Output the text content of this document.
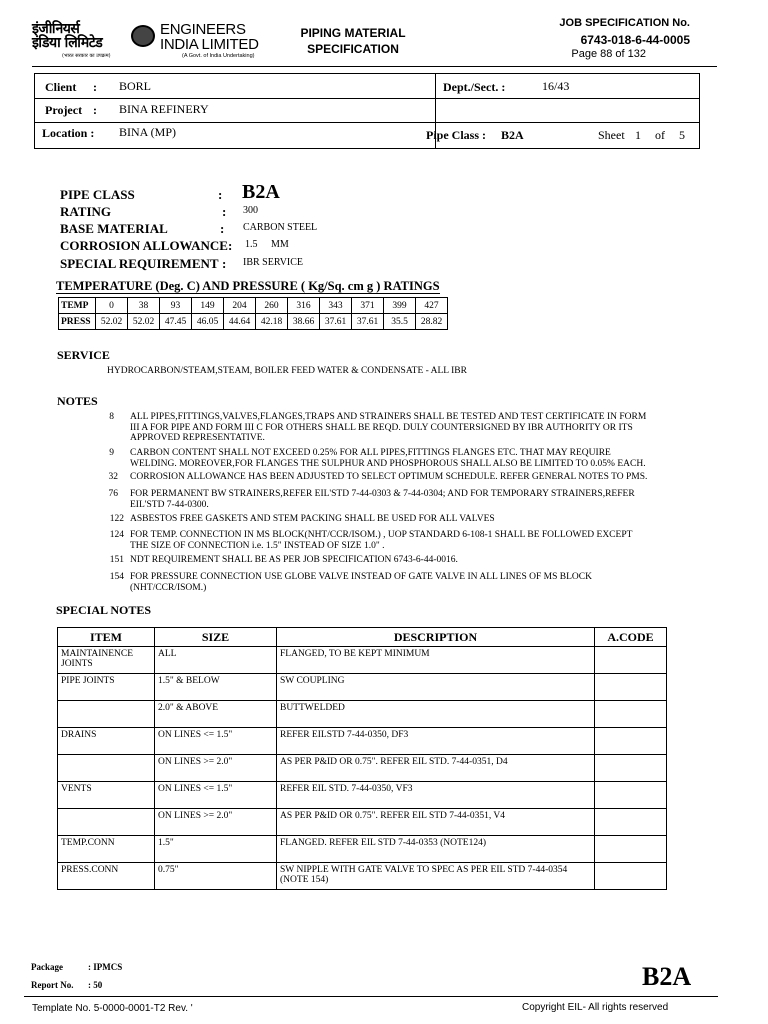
इंजीनियर्स
इंडिया लिमिटेड
ENGINEERS
INDIA LIMITED
(भारत सरकार का उपक्रम)	(A Govt. of India Undertaking)
PIPING MATERIAL
SPECIFICATION
JOB SPECIFICATION No.
6743-018-6-44-0005
Page 88 of 132
Client : BORL	Dept./Sect. :	16/43
Project : BINA REFINERY
Location : BINA (MP)	Pipe Class : B2A	Sheet 1 of 5
PIPE CLASS	: B2A
RATING	: 300
BASE MATERIAL	: CARBON STEEL
CORROSION ALLOWANCE : 1.5 MM
SPECIAL REQUIREMENT : IBR SERVICE
TEMPERATURE (Deg. C) AND PRESSURE ( Kg/Sq. cm g ) RATINGS
TEMP	0	38	93	149	204	260	316	343	371	399	427
PRESS	52.02	52.02	47.45	46.05	44.64	42.18	38.66	37.61	37.61	35.5	28.82
SERVICE
HYDROCARBON/STEAM,STEAM, BOILER FEED WATER & CONDENSATE - ALL IBR
NOTES
8 ALL PIPES,FITTINGS,VALVES,FLANGES,TRAPS AND STRAINERS SHALL BE TESTED AND TEST CERTIFICATE IN FORM
III A FOR PIPE AND FORM III C FOR OTHERS SHALL BE REQD. DULY COUNTERSIGNED BY IBR AUTHORITY OR ITS
APPROVED REPRESENTATIVE.
9 CARBON CONTENT SHALL NOT EXCEED 0.25% FOR ALL PIPES,FITTINGS FLANGES ETC. THAT MAY REQUIRE
WELDING. MOREOVER,FOR FLANGES THE SULPHUR AND PHOSPHOROUS SHALL ALSO BE LIMITED TO 0.05% EACH.
32 CORROSION ALLOWANCE HAS BEEN ADJUSTED TO SELECT OPTIMUM SCHEDULE. REFER GENERAL NOTES TO PMS.
76 FOR PERMANENT BW STRAINERS,REFER EIL'STD 7-44-0303 & 7-44-0304; AND FOR TEMPORARY STRAINERS,REFER
EIL'STD 7-44-0300.
122 ASBESTOS FREE GASKETS AND STEM PACKING SHALL BE USED FOR ALL VALVES
124 FOR TEMP. CONNECTION IN MS BLOCK(NHT/CCR/ISOM.) , UOP STANDARD 6-108-1 SHALL BE FOLLOWED EXCEPT
THE SIZE OF CONNECTION i.e. 1.5" INSTEAD OF SIZE 1.0" .
151 NDT REQUIREMENT SHALL BE AS PER JOB SPECIFICATION 6743-6-44-0016.
154 FOR PRESSURE CONNECTION USE GLOBE VALVE INSTEAD OF GATE VALVE IN ALL LINES OF MS BLOCK
(NHT/CCR/ISOM.)
SPECIAL NOTES
ITEM	SIZE	DESCRIPTION	A.CODE
MAINTAINENCE JOINTS	ALL	FLANGED, TO BE KEPT MINIMUM	
PIPE JOINTS	1.5" & BELOW	SW COUPLING	
	2.0" & ABOVE	BUTTWELDED	
DRAINS	ON LINES <= 1.5"	REFER EILSTD 7-44-0350, DF3	
	ON LINES >= 2.0"	AS PER P&ID OR 0.75". REFER EIL STD. 7-44-0351, D4	
VENTS	ON LINES <= 1.5"	REFER EIL STD. 7-44-0350, VF3	
	ON LINES >= 2.0"	AS PER P&ID OR 0.75". REFER EIL STD 7-44-0351, V4	
TEMP.CONN	1.5"	FLANGED. REFER EIL STD 7-44-0353 (NOTE124)	
PRESS.CONN	0.75"	SW NIPPLE WITH GATE VALVE TO SPEC AS PER EIL STD 7-44-0354 (NOTE 154)	
Package	: IPMCS
Report No. : 50	B2A
Template No. 5-0000-0001-T2 Rev. '	Copyright EIL- All rights reserved
